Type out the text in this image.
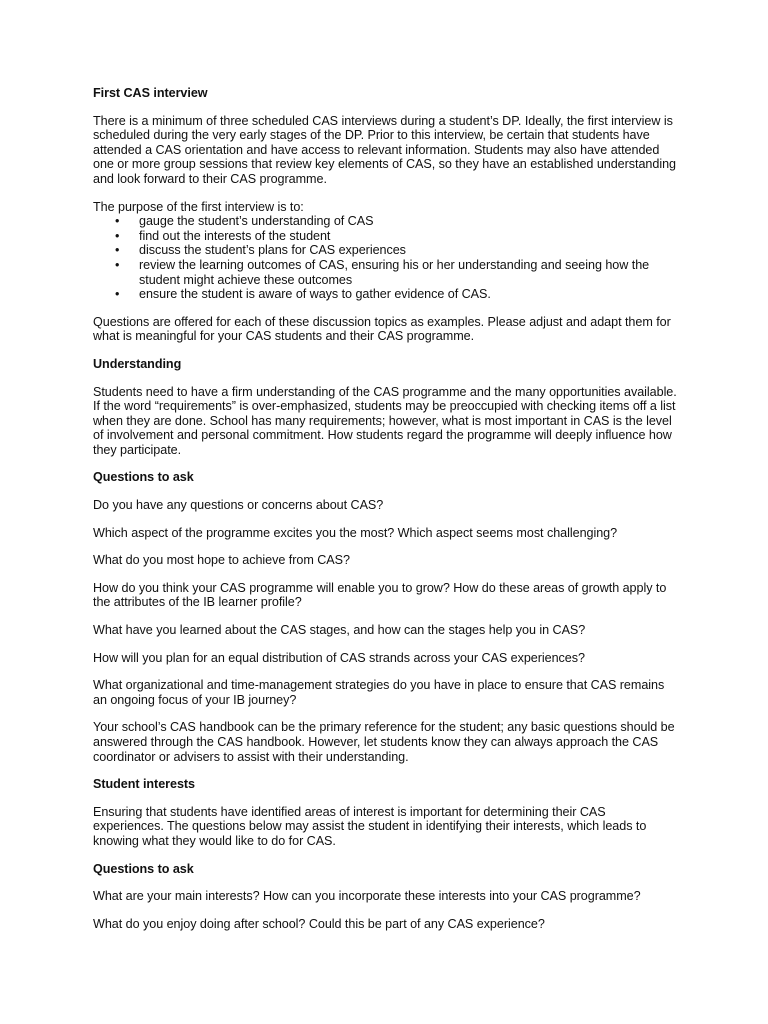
First CAS interview

There is a minimum of three scheduled CAS interviews during a student’s DP. Ideally, the first interview is scheduled during the very early stages of the DP. Prior to this interview, be certain that students have attended a CAS orientation and have access to relevant information. Students may also have attended one or more group sessions that review key elements of CAS, so they have an established understanding and look forward to their CAS programme.

The purpose of the first interview is to:

• gauge the student’s understanding of CAS
• find out the interests of the student
• discuss the student’s plans for CAS experiences
• review the learning outcomes of CAS, ensuring his or her understanding and seeing how the student might achieve these outcomes
• ensure the student is aware of ways to gather evidence of CAS.

Questions are offered for each of these discussion topics as examples. Please adjust and adapt them for what is meaningful for your CAS students and their CAS programme.

Understanding

Students need to have a firm understanding of the CAS programme and the many opportunities available. If the word “requirements” is over-emphasized, students may be preoccupied with checking items off a list when they are done. School has many requirements; however, what is most important in CAS is the level of involvement and personal commitment. How students regard the programme will deeply influence how they participate.

Questions to ask

Do you have any questions or concerns about CAS?

Which aspect of the programme excites you the most? Which aspect seems most challenging?

What do you most hope to achieve from CAS?

How do you think your CAS programme will enable you to grow? How do these areas of growth apply to the attributes of the IB learner profile?

What have you learned about the CAS stages, and how can the stages help you in CAS?

How will you plan for an equal distribution of CAS strands across your CAS experiences?

What organizational and time-management strategies do you have in place to ensure that CAS remains an ongoing focus of your IB journey?

Your school’s CAS handbook can be the primary reference for the student; any basic questions should be answered through the CAS handbook. However, let students know they can always approach the CAS coordinator or advisers to assist with their understanding.

Student interests

Ensuring that students have identified areas of interest is important for determining their CAS experiences. The questions below may assist the student in identifying their interests, which leads to knowing what they would like to do for CAS.

Questions to ask

What are your main interests? How can you incorporate these interests into your CAS programme?

What do you enjoy doing after school? Could this be part of any CAS experience?
